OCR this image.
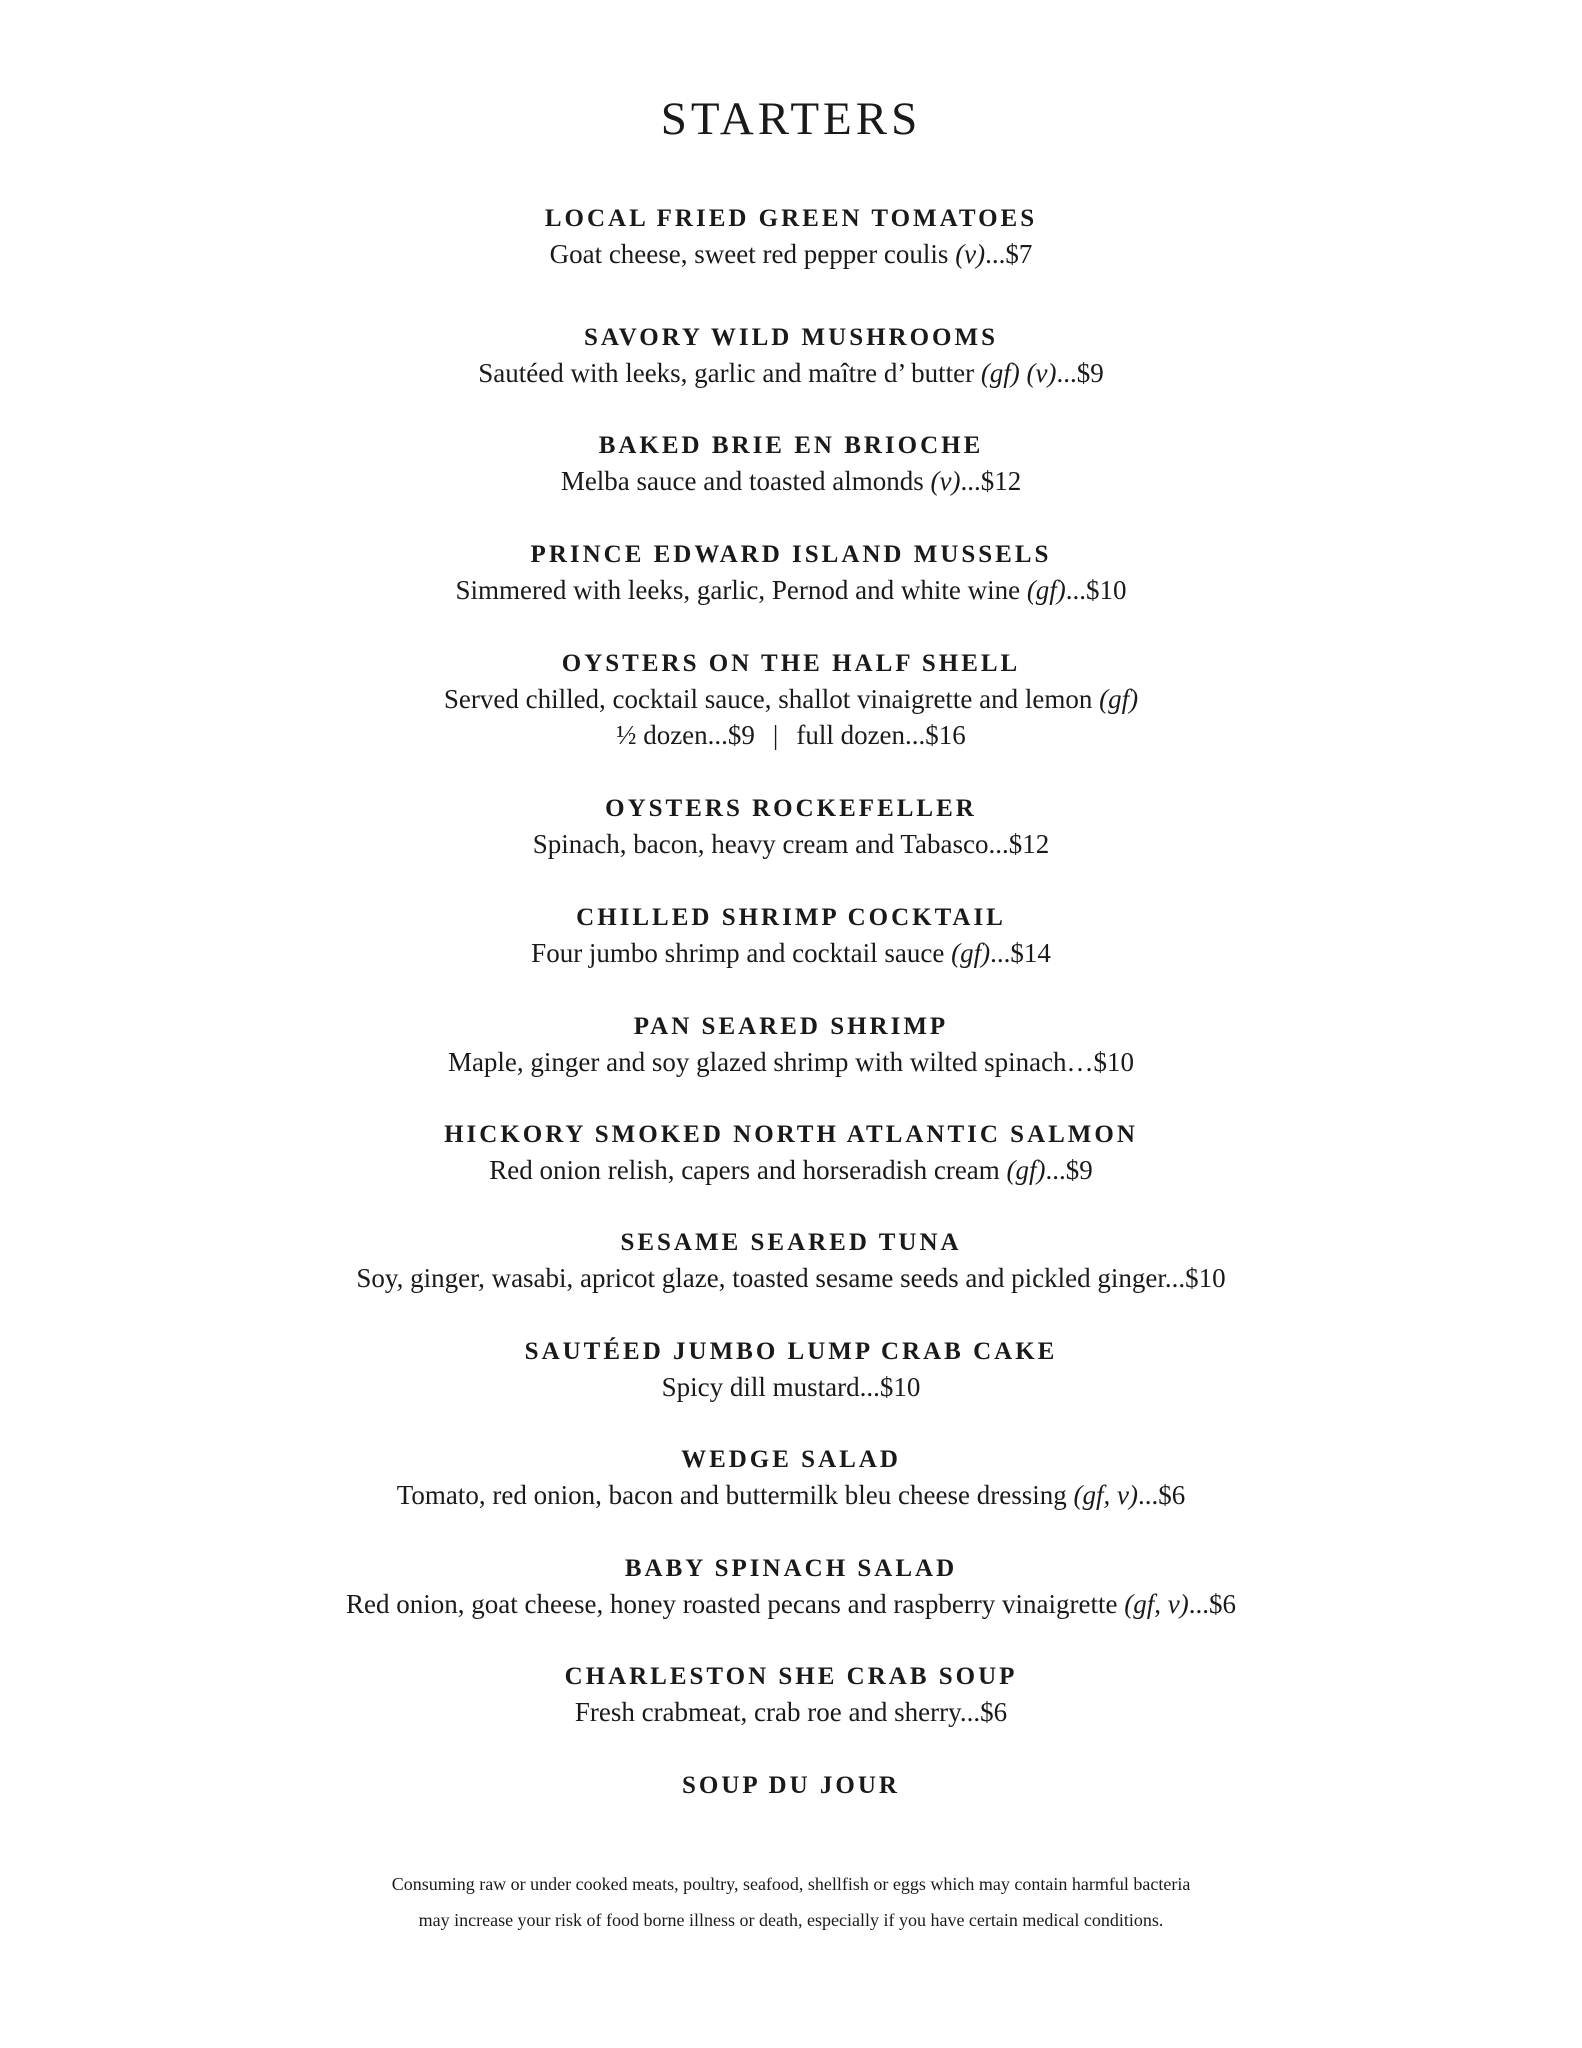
STARTERS

LOCAL FRIED GREEN TOMATOES

Goat cheese, sweet red pepper coulis (v)...$7

SAVORY WILD MUSHROOMS

Sautéed with leeks, garlic and maître d’ butter (gf) (v)...$9

BAKED BRIE EN BRIOCHE

Melba sauce and toasted almonds (v)...$12

PRINCE EDWARD ISLAND MUSSELS

Simmered with leeks, garlic, Pernod and white wine (gf)...$10

OYSTERS ON THE HALF SHELL

Served chilled, cocktail sauce, shallot vinaigrette and lemon (gf)

½ dozen...$9 | full dozen...$16

OYSTERS ROCKEFELLER

Spinach, bacon, heavy cream and Tabasco...$12

CHILLED SHRIMP COCKTAIL

Four jumbo shrimp and cocktail sauce (gf)...$14

PAN SEARED SHRIMP

Maple, ginger and soy glazed shrimp with wilted spinach…$10

HICKORY SMOKED NORTH ATLANTIC SALMON

Red onion relish, capers and horseradish cream (gf)...$9

SESAME SEARED TUNA

Soy, ginger, wasabi, apricot glaze, toasted sesame seeds and pickled ginger...$10

SAUTÉED JUMBO LUMP CRAB CAKE

Spicy dill mustard...$10

WEDGE SALAD

Tomato, red onion, bacon and buttermilk bleu cheese dressing (gf, v)...$6

BABY SPINACH SALAD

Red onion, goat cheese, honey roasted pecans and raspberry vinaigrette (gf, v)...$6

CHARLESTON SHE CRAB SOUP

Fresh crabmeat, crab roe and sherry...$6

SOUP DU JOUR

Consuming raw or under cooked meats, poultry, seafood, shellfish or eggs which may contain harmful bacteria
may increase your risk of food borne illness or death, especially if you have certain medical conditions.
